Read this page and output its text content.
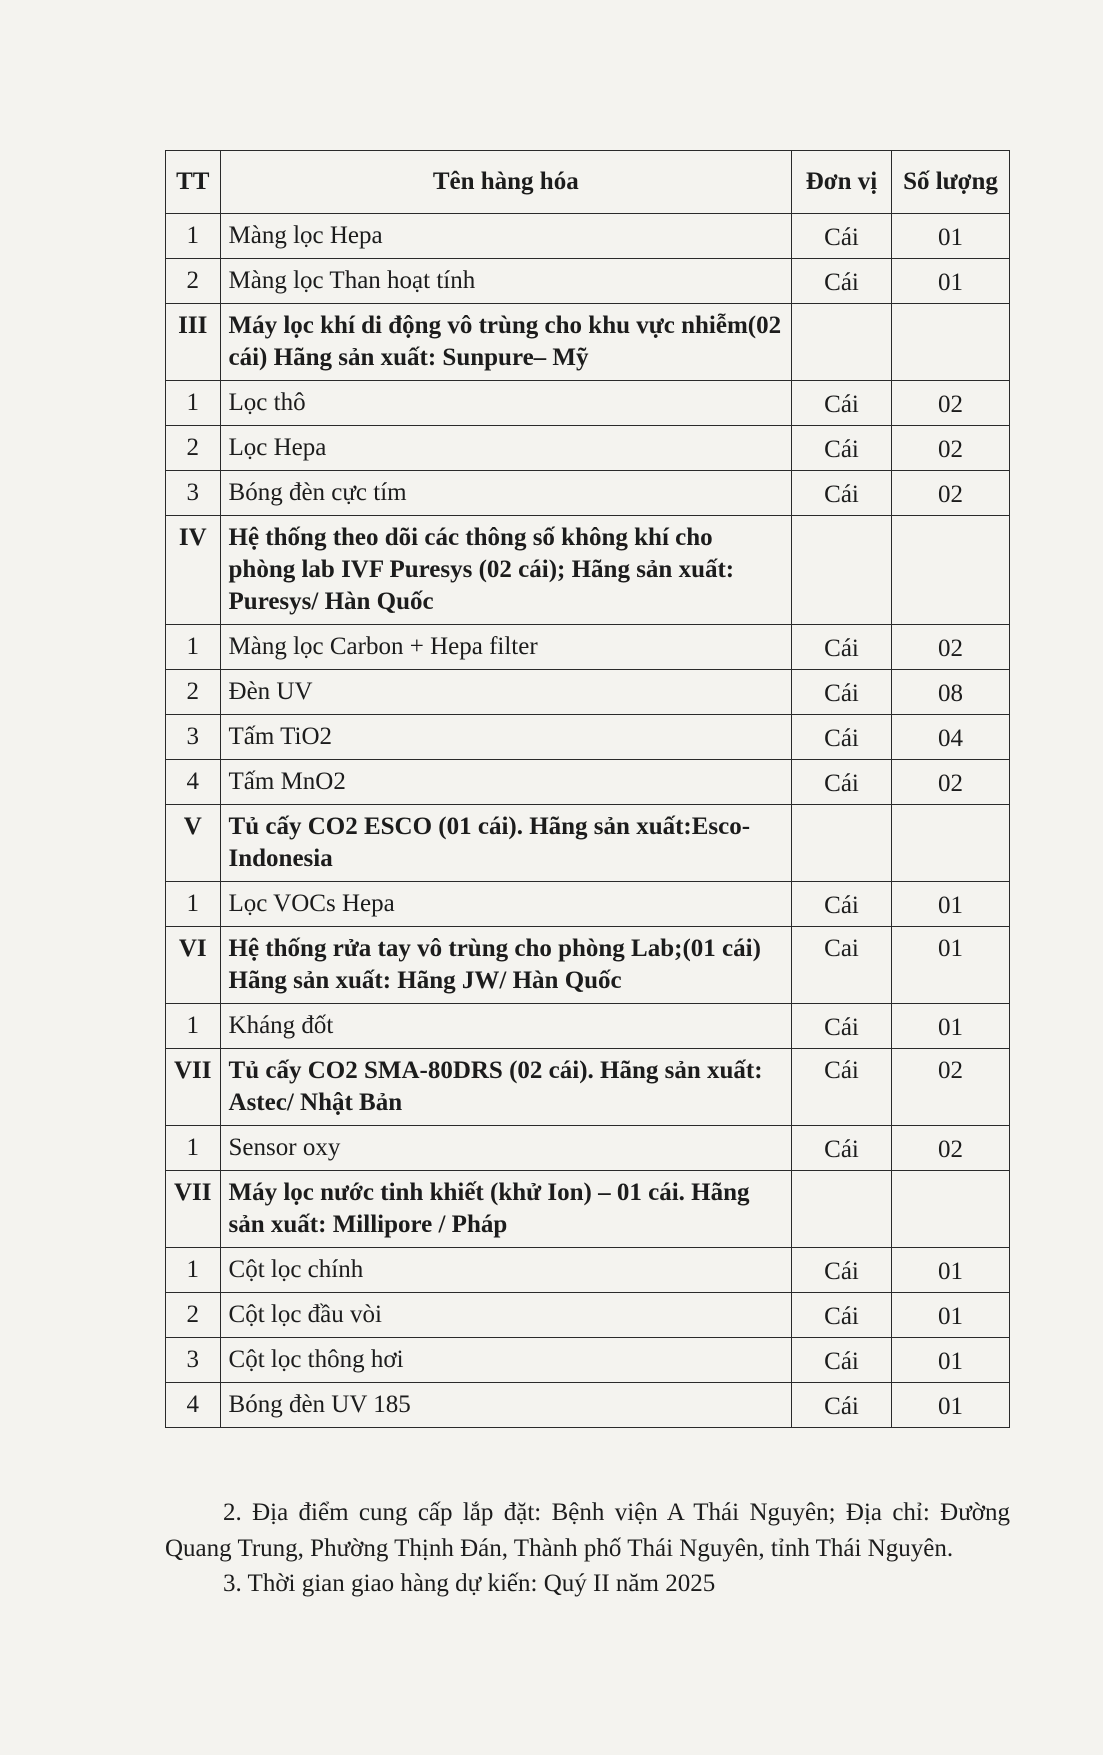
TT	Tên hàng hóa	Đơn vị	Số lượng
1	Màng lọc Hepa	Cái	01
2	Màng lọc Than hoạt tính	Cái	01
III	Máy lọc khí di động vô trùng cho khu vực nhiễm(02 cái) Hãng sản xuất: Sunpure– Mỹ		
1	Lọc thô	Cái	02
2	Lọc Hepa	Cái	02
3	Bóng đèn cực tím	Cái	02
IV	Hệ thống theo dõi các thông số không khí cho phòng lab IVF Puresys (02 cái); Hãng sản xuất: Puresys/ Hàn Quốc		
1	Màng lọc Carbon + Hepa filter	Cái	02
2	Đèn UV	Cái	08
3	Tấm TiO2	Cái	04
4	Tấm MnO2	Cái	02
V	Tủ cấy CO2 ESCO (01 cái). Hãng sản xuất:Esco-Indonesia		
1	Lọc VOCs Hepa	Cái	01
VI	Hệ thống rửa tay vô trùng cho phòng Lab;(01 cái) Hãng sản xuất: Hãng JW/ Hàn Quốc	Cai	01
1	Kháng đốt	Cái	01
VII	Tủ cấy CO2 SMA-80DRS (02 cái). Hãng sản xuất: Astec/ Nhật Bản	Cái	02
1	Sensor oxy	Cái	02
VII	Máy lọc nước tinh khiết (khử Ion) – 01 cái. Hãng sản xuất: Millipore / Pháp		
1	Cột lọc chính	Cái	01
2	Cột lọc đầu vòi	Cái	01
3	Cột lọc thông hơi	Cái	01
4	Bóng đèn UV 185	Cái	01

2. Địa điểm cung cấp lắp đặt: Bệnh viện A Thái Nguyên; Địa chỉ: Đường Quang Trung, Phường Thịnh Đán, Thành phố Thái Nguyên, tỉnh Thái Nguyên.

3. Thời gian giao hàng dự kiến: Quý II năm 2025
